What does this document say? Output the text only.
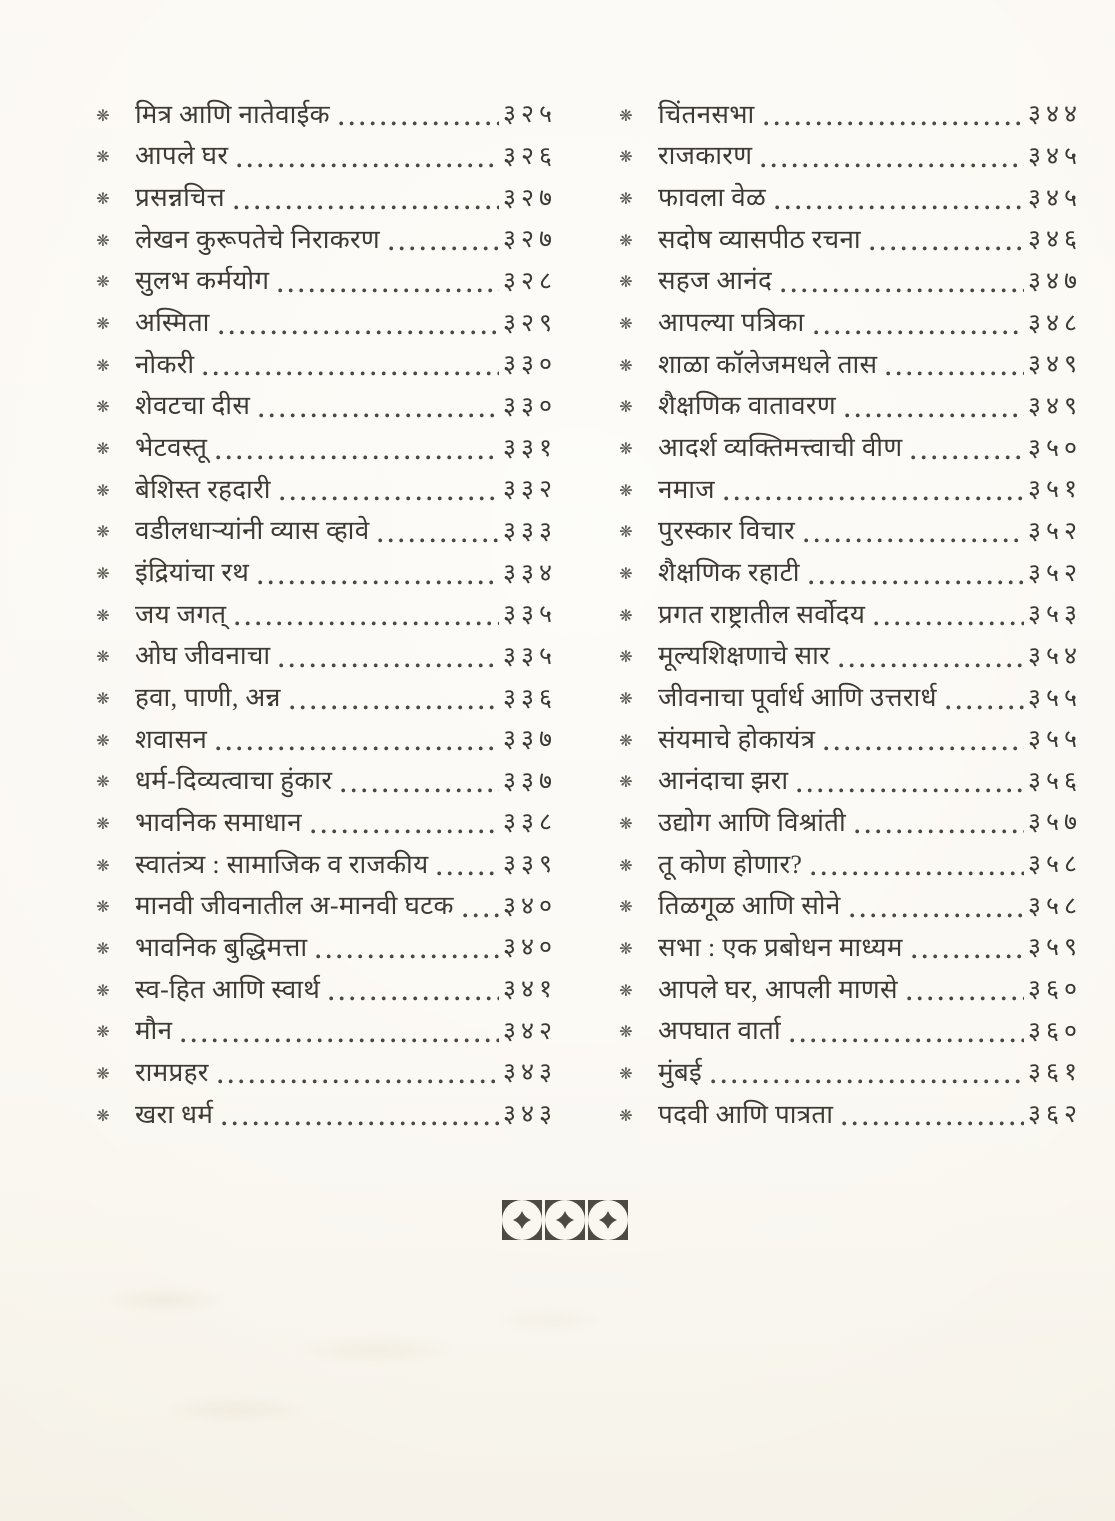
❋ मित्र आणि नातेवाईक	३२५
❋ आपले घर	३२६
❋ प्रसन्नचित्त	३२७
❋ लेखन कुरूपतेचे निराकरण	३२७
❋ सुलभ कर्मयोग	३२८
❋ अस्मिता	३२९
❋ नोकरी	३३०
❋ शेवटचा दीस	३३०
❋ भेटवस्तू	३३१
❋ बेशिस्त रहदारी	३३२
❋ वडीलधाऱ्यांनी व्यास व्हावे	३३३
❋ इंद्रियांचा रथ	३३४
❋ जय जगत्	३३५
❋ ओघ जीवनाचा	३३५
❋ हवा, पाणी, अन्न	३३६
❋ शवासन	३३७
❋ धर्म-दिव्यत्वाचा हुंकार	३३७
❋ भावनिक समाधान	३३८
❋ स्वातंत्र्य : सामाजिक व राजकीय	३३९
❋ मानवी जीवनातील अ-मानवी घटक ३४०
❋ भावनिक बुद्धिमत्ता	३४०
❋ स्व-हित आणि स्वार्थ	३४१
❋ मौन	३४२
❋ रामप्रहर	३४३
❋ खरा धर्म	३४३
❋ चिंतनसभा	३४४
❋ राजकारण	३४५
❋ फावला वेळ	३४५
❋ सदोष व्यासपीठ रचना	३४६
❋ सहज आनंद	३४७
❋ आपल्या पत्रिका	३४८
❋ शाळा कॉलेजमधले तास	३४९
❋ शैक्षणिक वातावरण	३४९
❋ आदर्श व्यक्तिमत्त्वाची वीण	३५०
❋ नमाज	३५१
❋ पुरस्कार विचार	३५२
❋ शैक्षणिक रहाटी	३५२
❋ प्रगत राष्ट्रातील सर्वोदय	३५३
❋ मूल्यशिक्षणाचे सार	३५४
❋ जीवनाचा पूर्वार्ध आणि उत्तरार्ध	३५५
❋ संयमाचे होकायंत्र	३५५
❋ आनंदाचा झरा	३५६
❋ उद्योग आणि विश्रांती	३५७
❋ तू कोण होणार?	३५८
❋ तिळगूळ आणि सोने	३५८
❋ सभा : एक प्रबोधन माध्यम	३५९
❋ आपले घर, आपली माणसे	३६०
❋ अपघात वार्ता	३६०
❋ मुंबई	३६१
❋ पदवी आणि पात्रता	३६२
